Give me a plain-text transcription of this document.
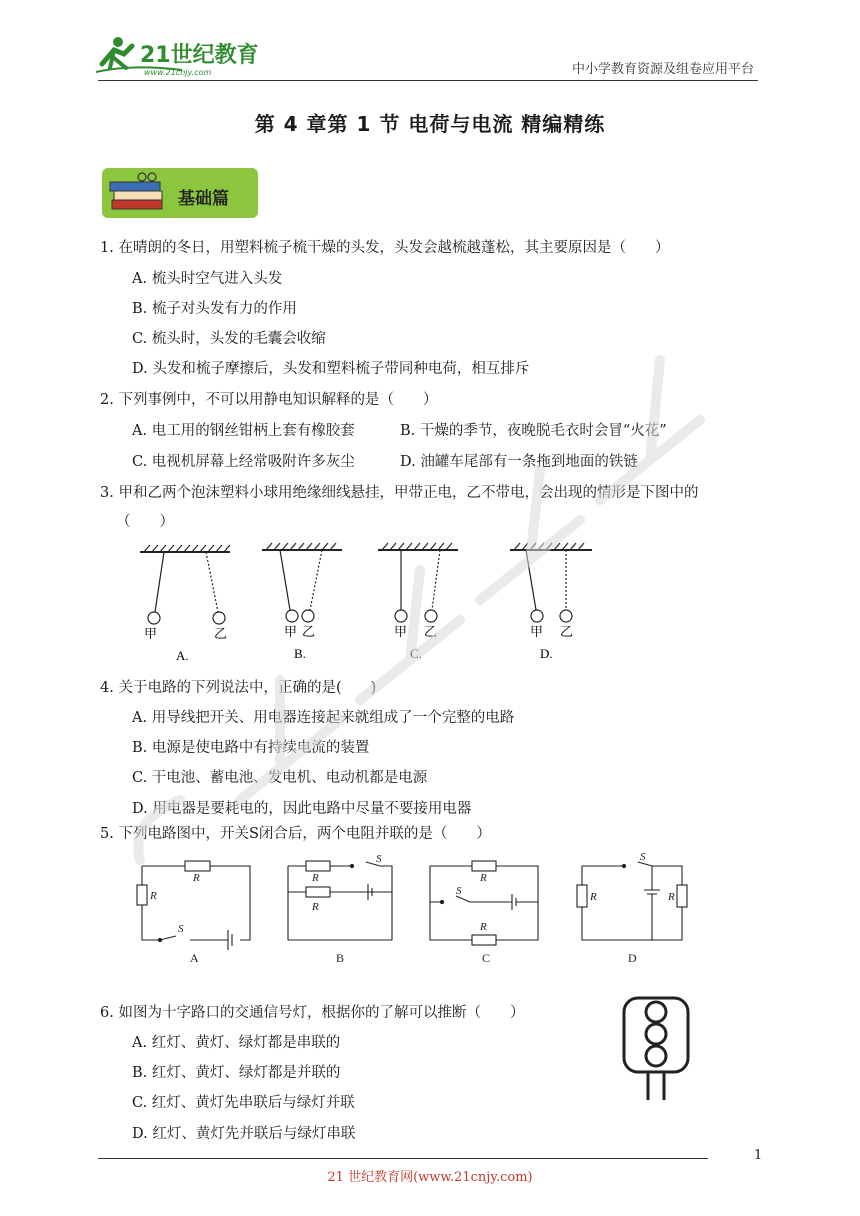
21世纪教育
www.21cnjy.com	中小学教育资源及组卷应用平台
第 4 章第 1 节 电荷与电流 精编精练
基础篇
1. 在晴朗的冬日，用塑料梳子梳干燥的头发，头发会越梳越蓬松，其主要原因是（　　）
A. 梳头时空气进入头发
B. 梳子对头发有力的作用
C. 梳头时，头发的毛囊会收缩
D. 头发和梳子摩擦后，头发和塑料梳子带同种电荷，相互排斥
2. 下列事例中，不可以用静电知识解释的是（　　）
A. 电工用的钢丝钳柄上套有橡胶套	B. 干燥的季节，夜晚脱毛衣时会冒“火花”
C. 电视机屏幕上经常吸附许多灰尘	D. 油罐车尾部有一条拖到地面的铁链
3. 甲和乙两个泡沫塑料小球用绝缘细线悬挂，甲带正电，乙不带电，会出现的情形是下图中的
（　　）
甲	乙
A.
甲 乙
B.
甲 乙
C.
甲 乙
D.
4. 关于电路的下列说法中，正确的是(　　)
A. 用导线把开关、用电器连接起来就组成了一个完整的电路
B. 电源是使电路中有持续电流的装置
C. 干电池、蓄电池、发电机、电动机都是电源
D. 用电器是要耗电的，因此电路中尽量不要接用电器
5. 下列电路图中，开关S闭合后，两个电阻并联的是（　　）
R
R
S
A
R
R
S
B
R
R
S
C
R	R
S
D
6. 如图为十字路口的交通信号灯，根据你的了解可以推断（　　）
A. 红灯、黄灯、绿灯都是串联的
B. 红灯、黄灯、绿灯都是并联的
C. 红灯、黄灯先串联后与绿灯并联
D. 红灯、黄灯先并联后与绿灯串联
1
21 世纪教育网(www.21cnjy.com)
